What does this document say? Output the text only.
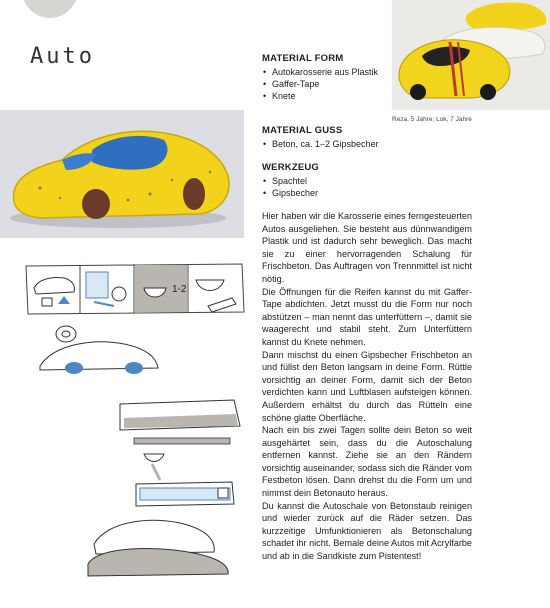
Auto
Reza, 5 Jahre; Lok, 7 Jahre
MATERIAL FORM
• Autokarosserie aus Plastik
• Gaffer-Tape
• Knete
MATERIAL GUSS
• Beton, ca. 1–2 Gipsbecher
WERKZEUG
• Spachtel
• Gipsbecher

Hier haben wir die Karosserie eines ferngesteuerten Autos ausgeliehen. Sie besteht aus dünnwandigem Plastik und ist dadurch sehr beweglich. Das macht sie zu einer hervorragenden Schalung für Frischbeton. Das Auftragen von Trennmittel ist nicht nötig.

Die Öffnungen für die Reifen kannst du mit Gaffer-Tape abdichten. Jetzt musst du die Form nur noch abstützen – man nennt das unterfüttern –, damit sie waagerecht und stabil steht. Zum Unterfüttern kannst du Knete nehmen.

Dann mischst du einen Gipsbecher Frischbeton an und füllst den Beton langsam in deine Form. Rüttle vorsichtig an deiner Form, damit sich der Beton verdichten kann und Luftblasen aufsteigen können. Außerdem erhältst du durch das Rütteln eine schöne glatte Oberfläche.

Nach ein bis zwei Tagen sollte dein Beton so weit ausgehärtet sein, dass du die Autoschalung entfernen kannst. Ziehe sie an den Rändern vorsichtig auseinander, sodass sich die Ränder vom Festbeton lösen. Dann drehst du die Form um und nimmst dein Betonauto heraus.

Du kannst die Autoschale von Betonstaub reinigen und wieder zurück auf die Räder setzen. Das kurzzeitige Umfunktionieren als Betonschalung schadet ihr nicht. Bemale deine Autos mit Acrylfarbe und ab in die Sandkiste zum Pistentest!

1-2
